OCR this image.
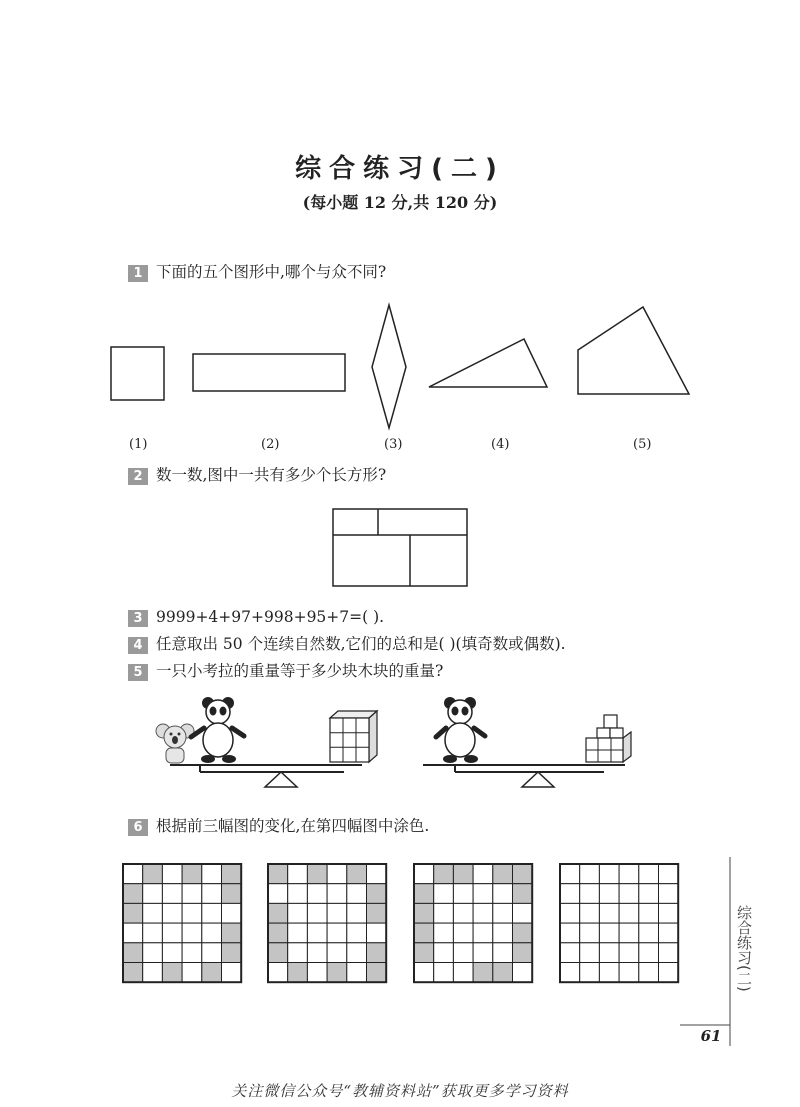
综合练习(二)
(每小题 12 分,共 120 分)
1 下面的五个图形中,哪个与众不同?
(1)	(2)	(3)	(4)	(5)
2 数一数,图中一共有多少个长方形?
3 9999+4+97+998+95+7=( ).
4 任意取出 50 个连续自然数,它们的总和是( )(填奇数或偶数).
5 一只小考拉的重量等于多少块木块的重量?
6 根据前三幅图的变化,在第四幅图中涂色.
综合练习(二)
61
关注微信公众号“教辅资料站”获取更多学习资料
